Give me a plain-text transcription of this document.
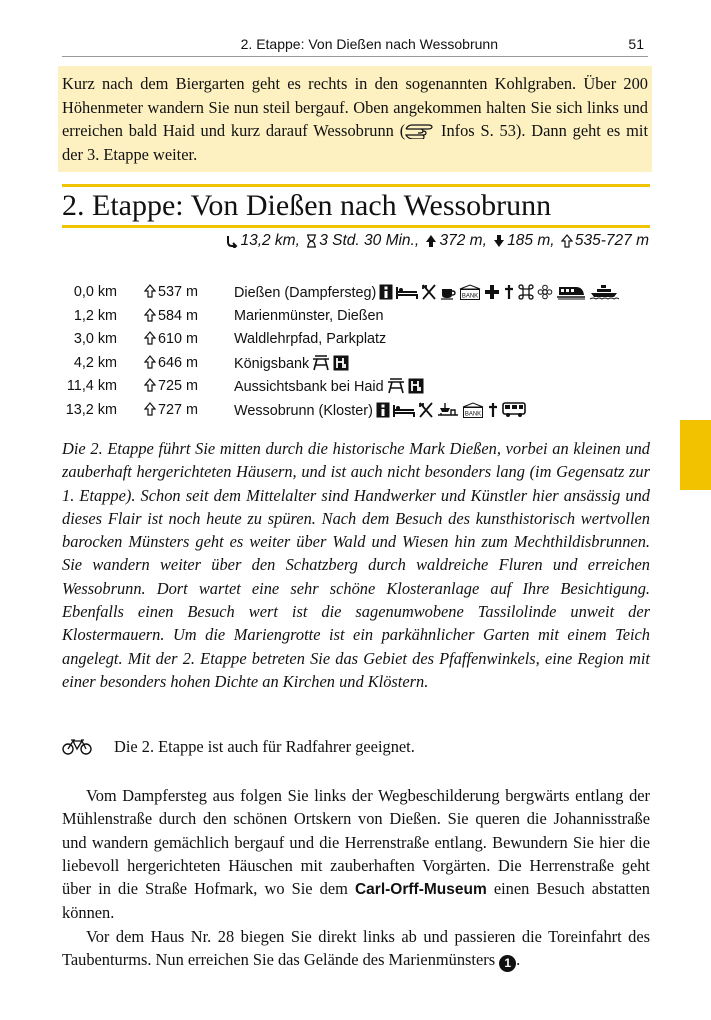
2. Etappe: Von Dießen nach Wessobrunn	51

Kurz nach dem Biergarten geht es rechts in den sogenannten Kohlgraben. Über 200 Höhenmeter wandern Sie nun steil bergauf. Oben angekommen halten Sie sich links und erreichen bald Haid und kurz darauf Wessobrunn ( Infos S. 53). Dann geht es mit der 3. Etappe weiter.

2. Etappe: Von Dießen nach Wessobrunn
13,2 km, 3 Std. 30 Min., 372 m, 185 m, 535-727 m
0,0 km	537 m	Dießen (Dampfersteg)	BANK
1,2 km	584 m	Marienmünster, Dießen
3,0 km	610 m	Waldlehrpfad, Parkplatz
4,2 km	646 m	Königsbank
11,4 km	725 m	Aussichtsbank bei Haid
13,2 km	727 m	Wessobrunn (Kloster)	BANK

Die 2. Etappe führt Sie mitten durch die historische Mark Dießen, vorbei an kleinen und zauberhaft hergerichteten Häusern, und ist auch nicht besonders lang (im Gegensatz zur 1. Etappe). Schon seit dem Mittelalter sind Handwerker und Künstler hier ansässig und dieses Flair ist noch heute zu spüren. Nach dem Besuch des kunsthistorisch wertvollen barocken Münsters geht es weiter über Wald und Wiesen hin zum Mechthildisbrunnen. Sie wandern weiter über den Schatzberg durch waldreiche Fluren und erreichen Wessobrunn. Dort wartet eine sehr schöne Klosteranlage auf Ihre Besichtigung. Ebenfalls einen Besuch wert ist die sagenumwobene Tassilolinde unweit der Klostermauern. Um die Mariengrotte ist ein parkähnlicher Garten mit einem Teich angelegt. Mit der 2. Etappe betreten Sie das Gebiet des Pfaffenwinkels, eine Region mit einer besonders hohen Dichte an Kirchen und Klöstern.

Die 2. Etappe ist auch für Radfahrer geeignet.

Vom Dampfersteg aus folgen Sie links der Wegbeschilderung bergwärts entlang der Mühlenstraße durch den schönen Ortskern von Dießen. Sie queren die Johannisstraße und wandern gemächlich bergauf und die Herrenstraße entlang. Bewundern Sie hier die liebevoll hergerichteten Häuschen mit zauberhaften Vorgärten. Die Herrenstraße geht über in die Straße Hofmark, wo Sie dem Carl-Orff-Museum einen Besuch abstatten können.

Vor dem Haus Nr. 28 biegen Sie direkt links ab und passieren die Toreinfahrt des Taubenturms. Nun erreichen Sie das Gelände des Marienmünsters 1 .
